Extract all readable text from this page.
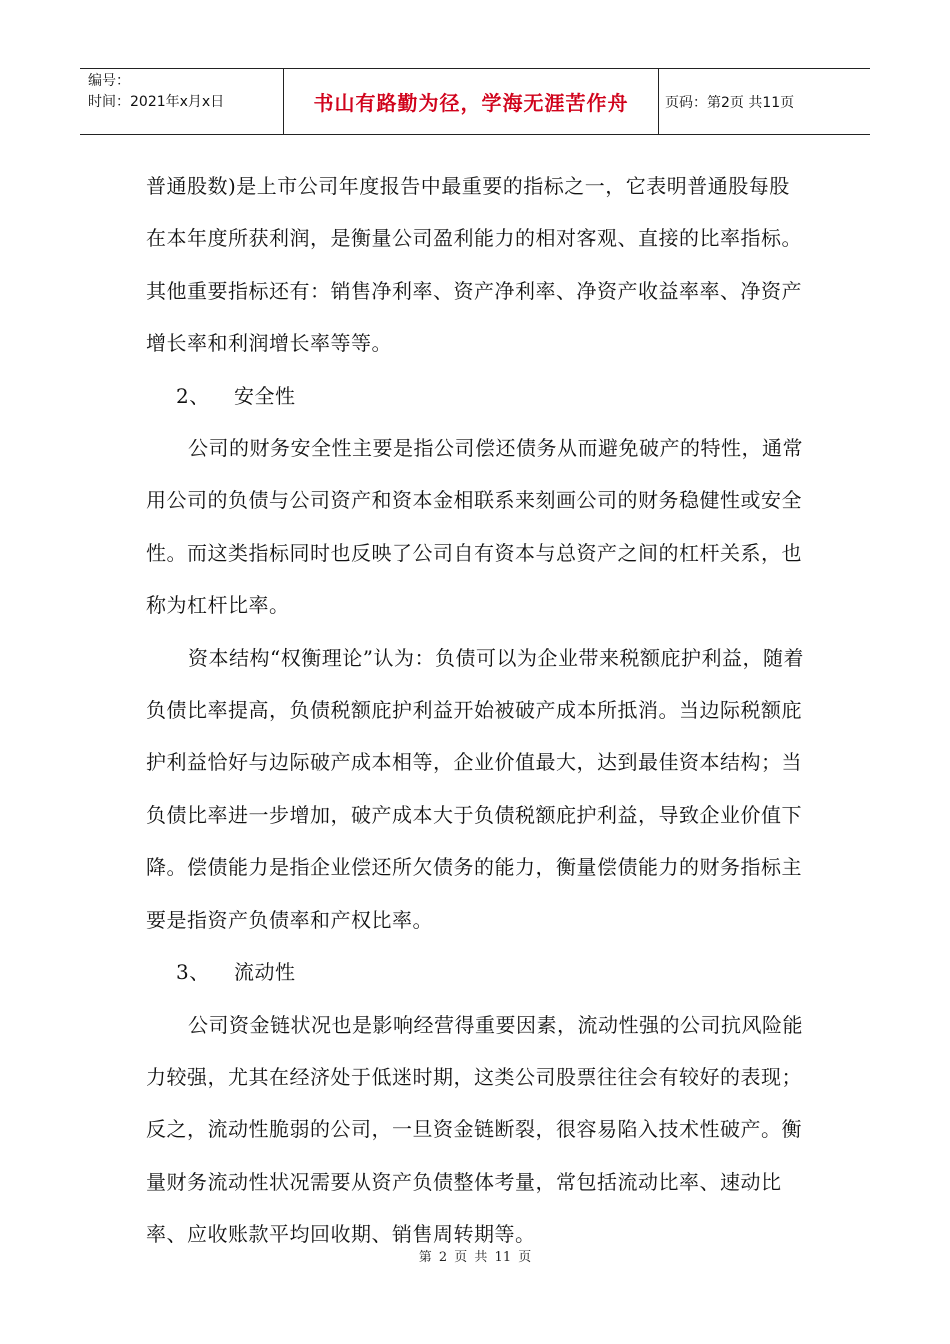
编号：
时间：2021年x月x日	书山有路勤为径，学海无涯苦作舟	页码：第2页 共11页

普通股数)是上市公司年度报告中最重要的指标之一，它表明普通股每股在本年度所获利润，是衡量公司盈利能力的相对客观、直接的比率指标。其他重要指标还有：销售净利率、资产净利率、净资产收益率率、净资产增长率和利润增长率等等。

2、	安全性

公司的财务安全性主要是指公司偿还债务从而避免破产的特性，通常用公司的负债与公司资产和资本金相联系来刻画公司的财务稳健性或安全性。而这类指标同时也反映了公司自有资本与总资产之间的杠杆关系，也称为杠杆比率。

资本结构“权衡理论”认为：负债可以为企业带来税额庇护利益，随着负债比率提高，负债税额庇护利益开始被破产成本所抵消。当边际税额庇护利益恰好与边际破产成本相等，企业价值最大，达到最佳资本结构；当负债比率进一步增加，破产成本大于负债税额庇护利益，导致企业价值下降。偿债能力是指企业偿还所欠债务的能力，衡量偿债能力的财务指标主要是指资产负债率和产权比率。

3、	流动性

公司资金链状况也是影响经营得重要因素，流动性强的公司抗风险能力较强，尤其在经济处于低迷时期，这类公司股票往往会有较好的表现；反之，流动性脆弱的公司，一旦资金链断裂，很容易陷入技术性破产。衡量财务流动性状况需要从资产负债整体考量，常包括流动比率、速动比率、应收账款平均回收期、销售周转期等。

第 2 页 共 11 页
